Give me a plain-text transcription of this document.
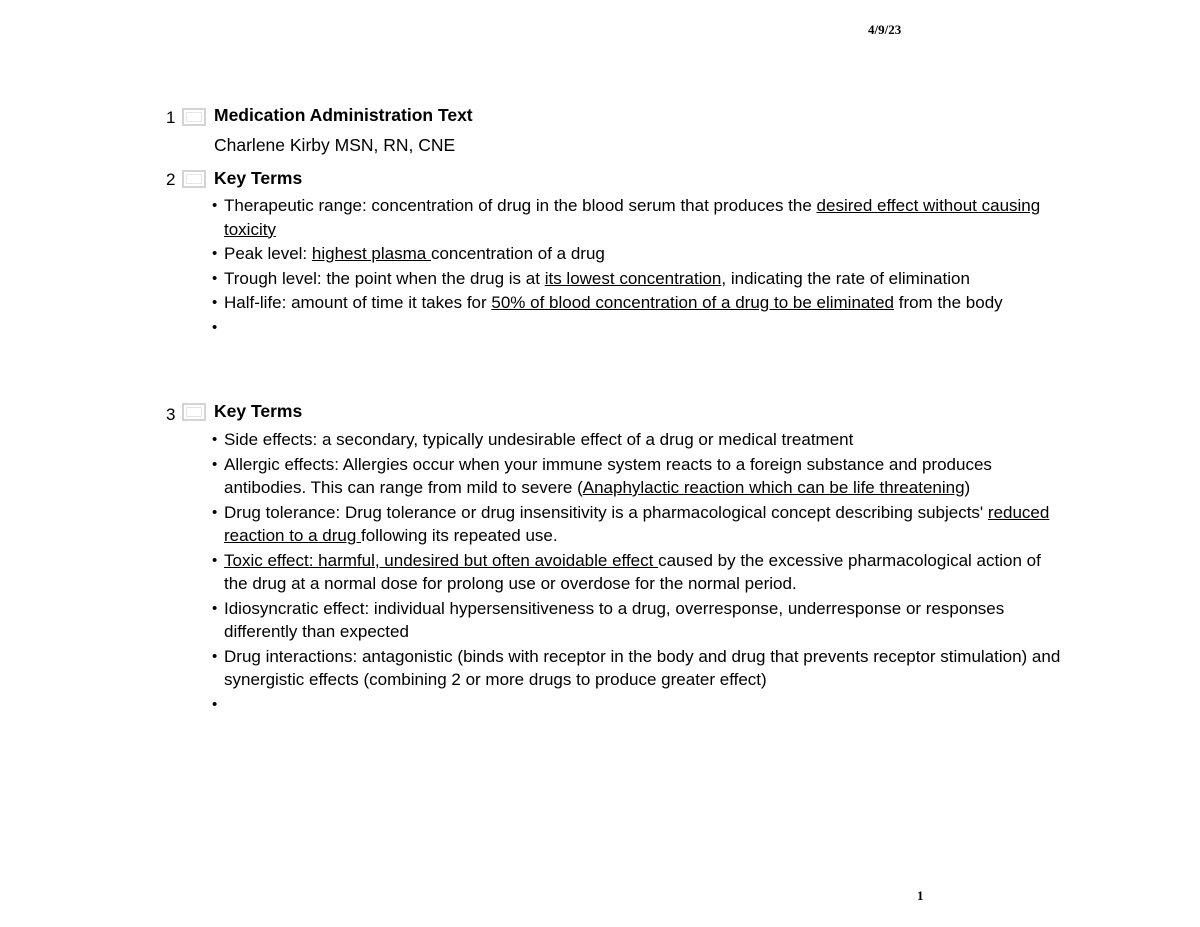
4/9/23
1 Medication Administration Text
Charlene Kirby MSN, RN, CNE
2 Key Terms
• Therapeutic range: concentration of drug in the blood serum that produces the desired effect without causing toxicity
• Peak level: highest plasma concentration of a drug
• Trough level: the point when the drug is at its lowest concentration, indicating the rate of elimination
• Half-life: amount of time it takes for 50% of blood concentration of a drug to be eliminated from the body
•
3 Key Terms
• Side effects: a secondary, typically undesirable effect of a drug or medical treatment
• Allergic effects: Allergies occur when your immune system reacts to a foreign substance and produces antibodies. This can range from mild to severe (Anaphylactic reaction which can be life threatening)
• Drug tolerance: Drug tolerance or drug insensitivity is a pharmacological concept describing subjects' reduced reaction to a drug following its repeated use.
• Toxic effect: harmful, undesired but often avoidable effect caused by the excessive pharmacological action of the drug at a normal dose for prolong use or overdose for the normal period.
• Idiosyncratic effect: individual hypersensitiveness to a drug, overresponse, underresponse or responses differently than expected
• Drug interactions: antagonistic (binds with receptor in the body and drug that prevents receptor stimulation) and synergistic effects (combining 2 or more drugs to produce greater effect)
•
1
